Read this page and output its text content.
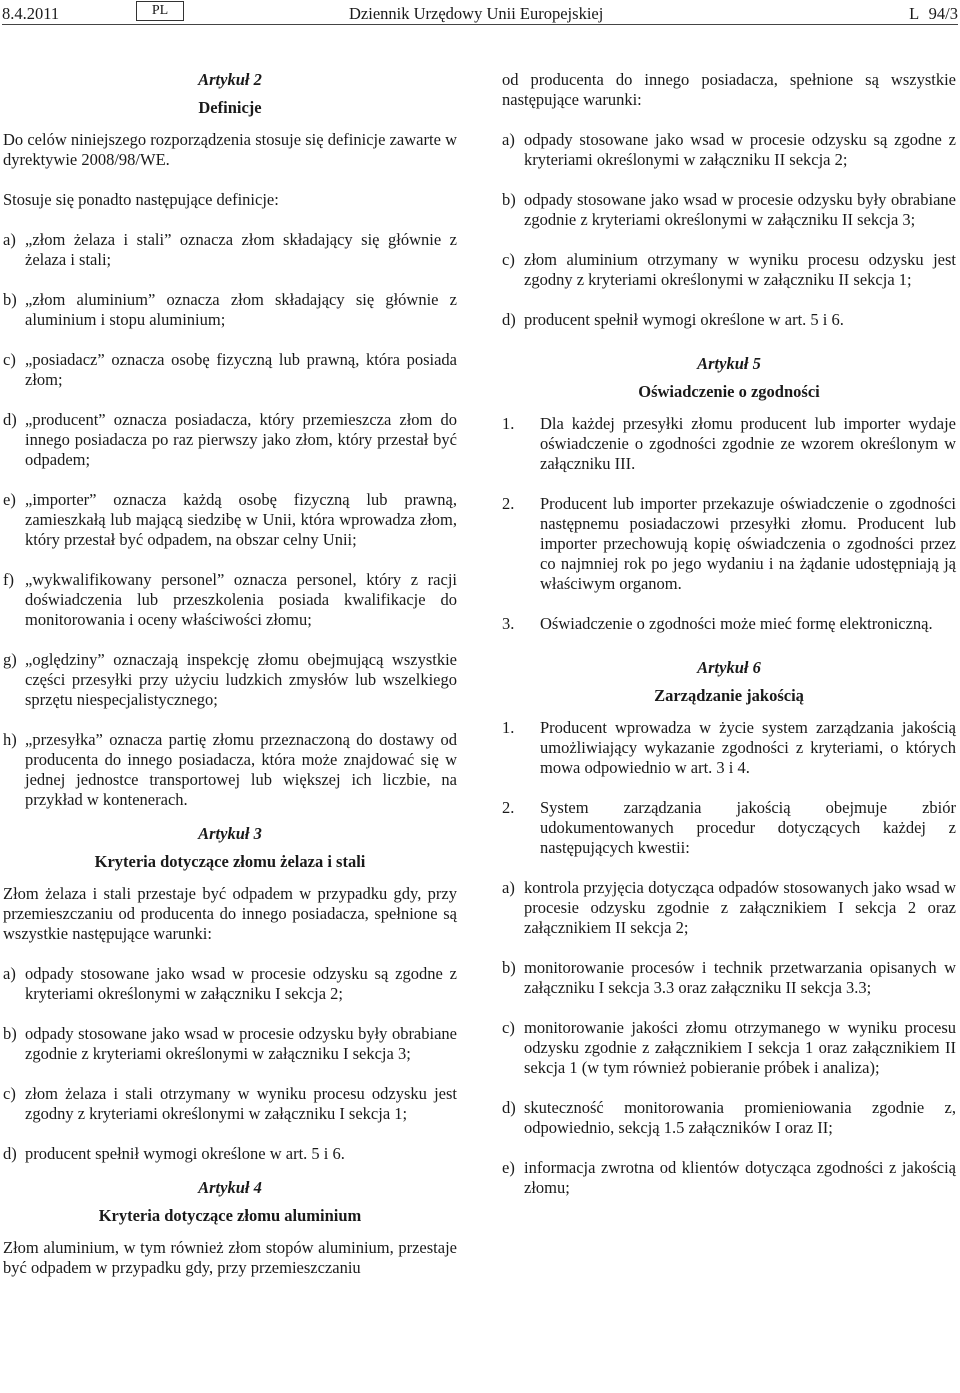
8.4.2011	PL	Dziennik Urzędowy Unii Europejskiej	L 94/3
Artykuł 2
Definicje

Do celów niniejszego rozporządzenia stosuje się definicje zawarte w dyrektywie 2008/98/WE.

Stosuje się ponadto następujące definicje:

a) „złom żelaza i stali” oznacza złom składający się głównie z żelaza i stali;
b) „złom aluminium” oznacza złom składający się głównie z aluminium i stopu aluminium;
c) „posiadacz” oznacza osobę fizyczną lub prawną, która posiada złom;
d) „producent” oznacza posiadacza, który przemieszcza złom do innego posiadacza po raz pierwszy jako złom, który przestał być odpadem;
e) „importer” oznacza każdą osobę fizyczną lub prawną, zamieszkałą lub mającą siedzibę w Unii, która wprowadza złom, który przestał być odpadem, na obszar celny Unii;
f) „wykwalifikowany personel” oznacza personel, który z racji doświadczenia lub przeszkolenia posiada kwalifikacje do monitorowania i oceny właściwości złomu;
g) „oględziny” oznaczają inspekcję złomu obejmującą wszystkie części przesyłki przy użyciu ludzkich zmysłów lub wszelkiego sprzętu niespecjalistycznego;
h) „przesyłka” oznacza partię złomu przeznaczoną do dostawy od producenta do innego posiadacza, która może znajdować się w jednej jednostce transportowej lub większej ich liczbie, na przykład w kontenerach.
Artykuł 3
Kryteria dotyczące złomu żelaza i stali

Złom żelaza i stali przestaje być odpadem w przypadku gdy, przy przemieszczaniu od producenta do innego posiadacza, spełnione są wszystkie następujące warunki:

a) odpady stosowane jako wsad w procesie odzysku są zgodne z kryteriami określonymi w załączniku I sekcja 2;
b) odpady stosowane jako wsad w procesie odzysku były obrabiane zgodnie z kryteriami określonymi w załączniku I sekcja 3;
c) złom żelaza i stali otrzymany w wyniku procesu odzysku jest zgodny z kryteriami określonymi w załączniku I sekcja 1;
d) producent spełnił wymogi określone w art. 5 i 6.
Artykuł 4
Kryteria dotyczące złomu aluminium

Złom aluminium, w tym również złom stopów aluminium, przestaje być odpadem w przypadku gdy, przy przemieszczaniu

od producenta do innego posiadacza, spełnione są wszystkie następujące warunki:

a) odpady stosowane jako wsad w procesie odzysku są zgodne z kryteriami określonymi w załączniku II sekcja 2;
b) odpady stosowane jako wsad w procesie odzysku były obrabiane zgodnie z kryteriami określonymi w załączniku II sekcja 3;
c) złom aluminium otrzymany w wyniku procesu odzysku jest zgodny z kryteriami określonymi w załączniku II sekcja 1;
d) producent spełnił wymogi określone w art. 5 i 6.
Artykuł 5
Oświadczenie o zgodności
1.	Dla każdej przesyłki złomu producent lub importer wydaje oświadczenie o zgodności zgodnie ze wzorem określonym w załączniku III.
2.	Producent lub importer przekazuje oświadczenie o zgodności następnemu posiadaczowi przesyłki złomu. Producent lub importer przechowują kopię oświadczenia o zgodności przez co najmniej rok po jego wydaniu i na żądanie udostępniają ją właściwym organom.
3.	Oświadczenie o zgodności może mieć formę elektroniczną.
Artykuł 6
Zarządzanie jakością
1.	Producent wprowadza w życie system zarządzania jakością umożliwiający wykazanie zgodności z kryteriami, o których mowa odpowiednio w art. 3 i 4.
2.	System zarządzania jakością obejmuje zbiór udokumentowanych procedur dotyczących każdej z następujących kwestii:
a) kontrola przyjęcia dotycząca odpadów stosowanych jako wsad w procesie odzysku zgodnie z załącznikiem I sekcja 2 oraz załącznikiem II sekcja 2;
b) monitorowanie procesów i technik przetwarzania opisanych w załączniku I sekcja 3.3 oraz załączniku II sekcja 3.3;
c) monitorowanie jakości złomu otrzymanego w wyniku procesu odzysku zgodnie z załącznikiem I sekcja 1 oraz załącznikiem II sekcja 1 (w tym również pobieranie próbek i analiza);
d) skuteczność monitorowania promieniowania zgodnie z, odpowiednio, sekcją 1.5 załączników I oraz II;
e) informacja zwrotna od klientów dotycząca zgodności z jakością złomu;
